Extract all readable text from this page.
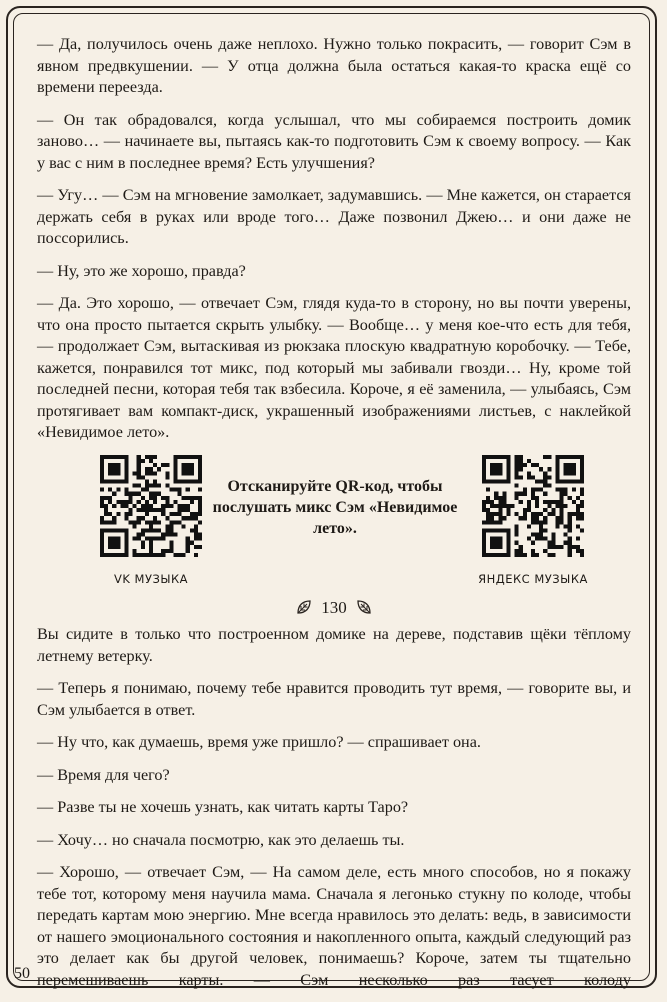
— Да, получилось очень даже неплохо. Нужно только покрасить, — говорит Сэм в явном предвкушении. — У отца должна была остаться какая-то краска ещё со времени переезда.

— Он так обрадовался, когда услышал, что мы собираемся построить домик заново… — начинаете вы, пытаясь как-то подготовить Сэм к своему вопросу. — Как у вас с ним в последнее время? Есть улучшения?

— Угу… — Сэм на мгновение замолкает, задумавшись. — Мне кажется, он старается держать себя в руках или вроде того… Даже позвонил Джею… и они даже не поссорились.

— Ну, это же хорошо, правда?

— Да. Это хорошо, — отвечает Сэм, глядя куда-то в сторону, но вы почти уверены, что она просто пытается скрыть улыбку. — Вообще… у меня кое-что есть для тебя, — продолжает Сэм, вытаскивая из рюкзака плоскую квадратную коробочку. — Тебе, кажется, понравился тот микс, под который мы забивали гвозди… Ну, кроме той последней песни, которая тебя так взбесила. Короче, я её заменила, — улыбаясь, Сэм протягивает вам компакт-диск, украшенный изображениями листьев, с наклейкой «Невидимое лето».

VK МУЗЫКА
Отсканируйте QR-код, чтобы послушать микс Сэм «Невидимое лето».
ЯНДЕКС МУЗЫКА
130

Вы сидите в только что построенном домике на дереве, подставив щёки тёплому летнему ветерку.

— Теперь я понимаю, почему тебе нравится проводить тут время, — говорите вы, и Сэм улыбается в ответ.

— Ну что, как думаешь, время уже пришло? — спрашивает она.

— Время для чего?

— Разве ты не хочешь узнать, как читать карты Таро?

— Хочу… но сначала посмотрю, как это делаешь ты.

— Хорошо, — отвечает Сэм, — На самом деле, есть много способов, но я покажу тебе тот, которому меня научила мама. Сначала я легонько стукну по колоде, чтобы передать картам мою энергию. Мне всегда нравилось это делать: ведь, в зависимости от нашего эмоционального состояния и накопленного опыта, каждый следующий раз это делает как бы другой человек, понимаешь? Короче, затем ты тщательно перемешиваешь карты. — Сэм несколько раз тасует колоду

50
